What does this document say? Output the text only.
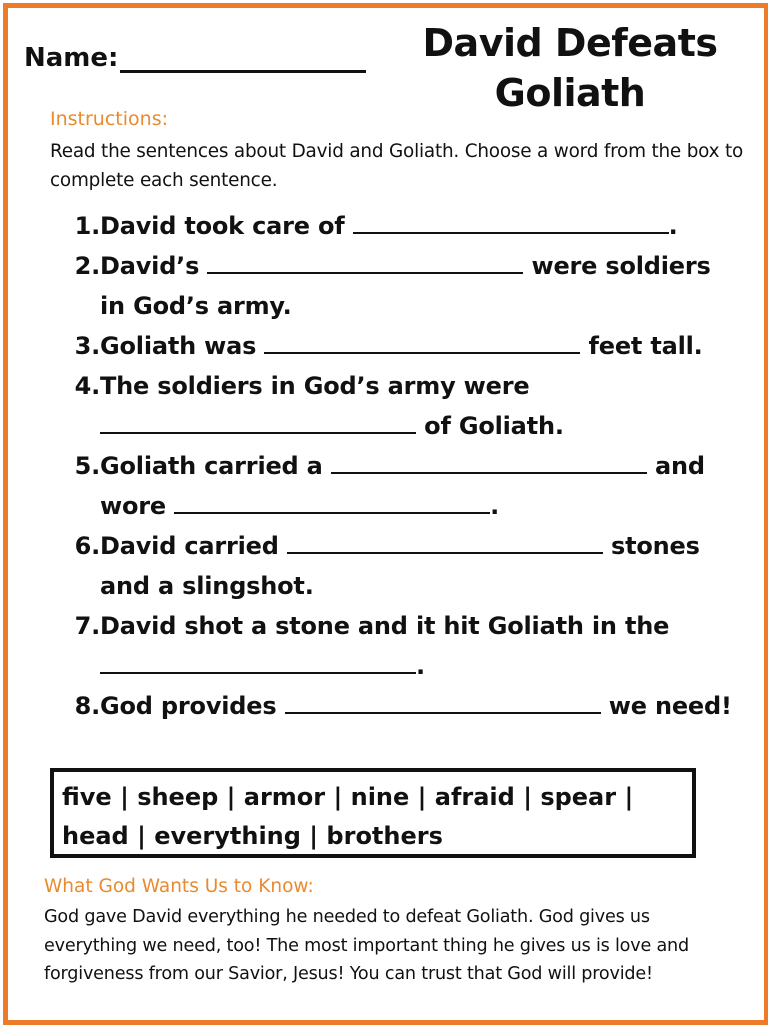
Name:	David Defeats
Goliath
Instructions:
Read the sentences about David and Goliath. Choose a word from the box to complete each sentence.
1. David took care of	.
2. David’s	were soldiers in God’s army.
3. Goliath was	feet tall.
4. The soldiers in God’s army were  of Goliath.
5. Goliath carried a	and wore	.
6. David carried	stones and a slingshot.
7. David shot a stone and it hit Goliath in the .
8. God provides	we need!
five | sheep | armor | nine | afraid | spear |
head | everything | brothers
What God Wants Us to Know:
God gave David everything he needed to defeat Goliath. God gives us everything we need, too! The most important thing he gives us is love and forgiveness from our Savior, Jesus! You can trust that God will provide!
